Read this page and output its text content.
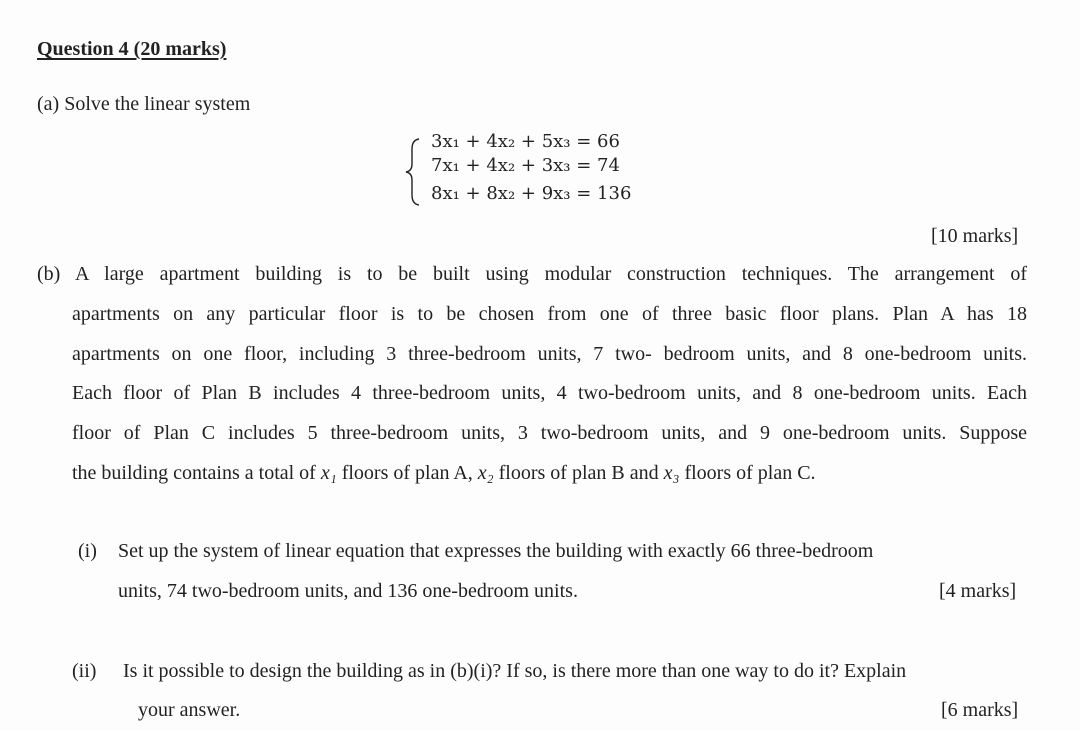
Question 4 (20 marks)
(a) Solve the linear system
3x₁ + 4x₂ + 5x₃ = 66
7x₁ + 4x₂ + 3x₃ = 74
8x₁ + 8x₂ + 9x₃ = 136
[10 marks]
(b) A large apartment building is to be built using modular construction techniques. The arrangement of
apartments on any particular floor is to be chosen from one of three basic floor plans. Plan A has 18
apartments on one floor, including 3 three-bedroom units, 7 two- bedroom units, and 8 one-bedroom units.
Each floor of Plan B includes 4 three-bedroom units, 4 two-bedroom units, and 8 one-bedroom units. Each
floor of Plan C includes 5 three-bedroom units, 3 two-bedroom units, and 9 one-bedroom units. Suppose
the building contains a total of x₁ floors of plan A, x₂ floors of plan B and x₃ floors of plan C.
(i) Set up the system of linear equation that expresses the building with exactly 66 three-bedroom
units, 74 two-bedroom units, and 136 one-bedroom units.	[4 marks]
(ii) Is it possible to design the building as in (b)(i)? If so, is there more than one way to do it? Explain
your answer.	[6 marks]
